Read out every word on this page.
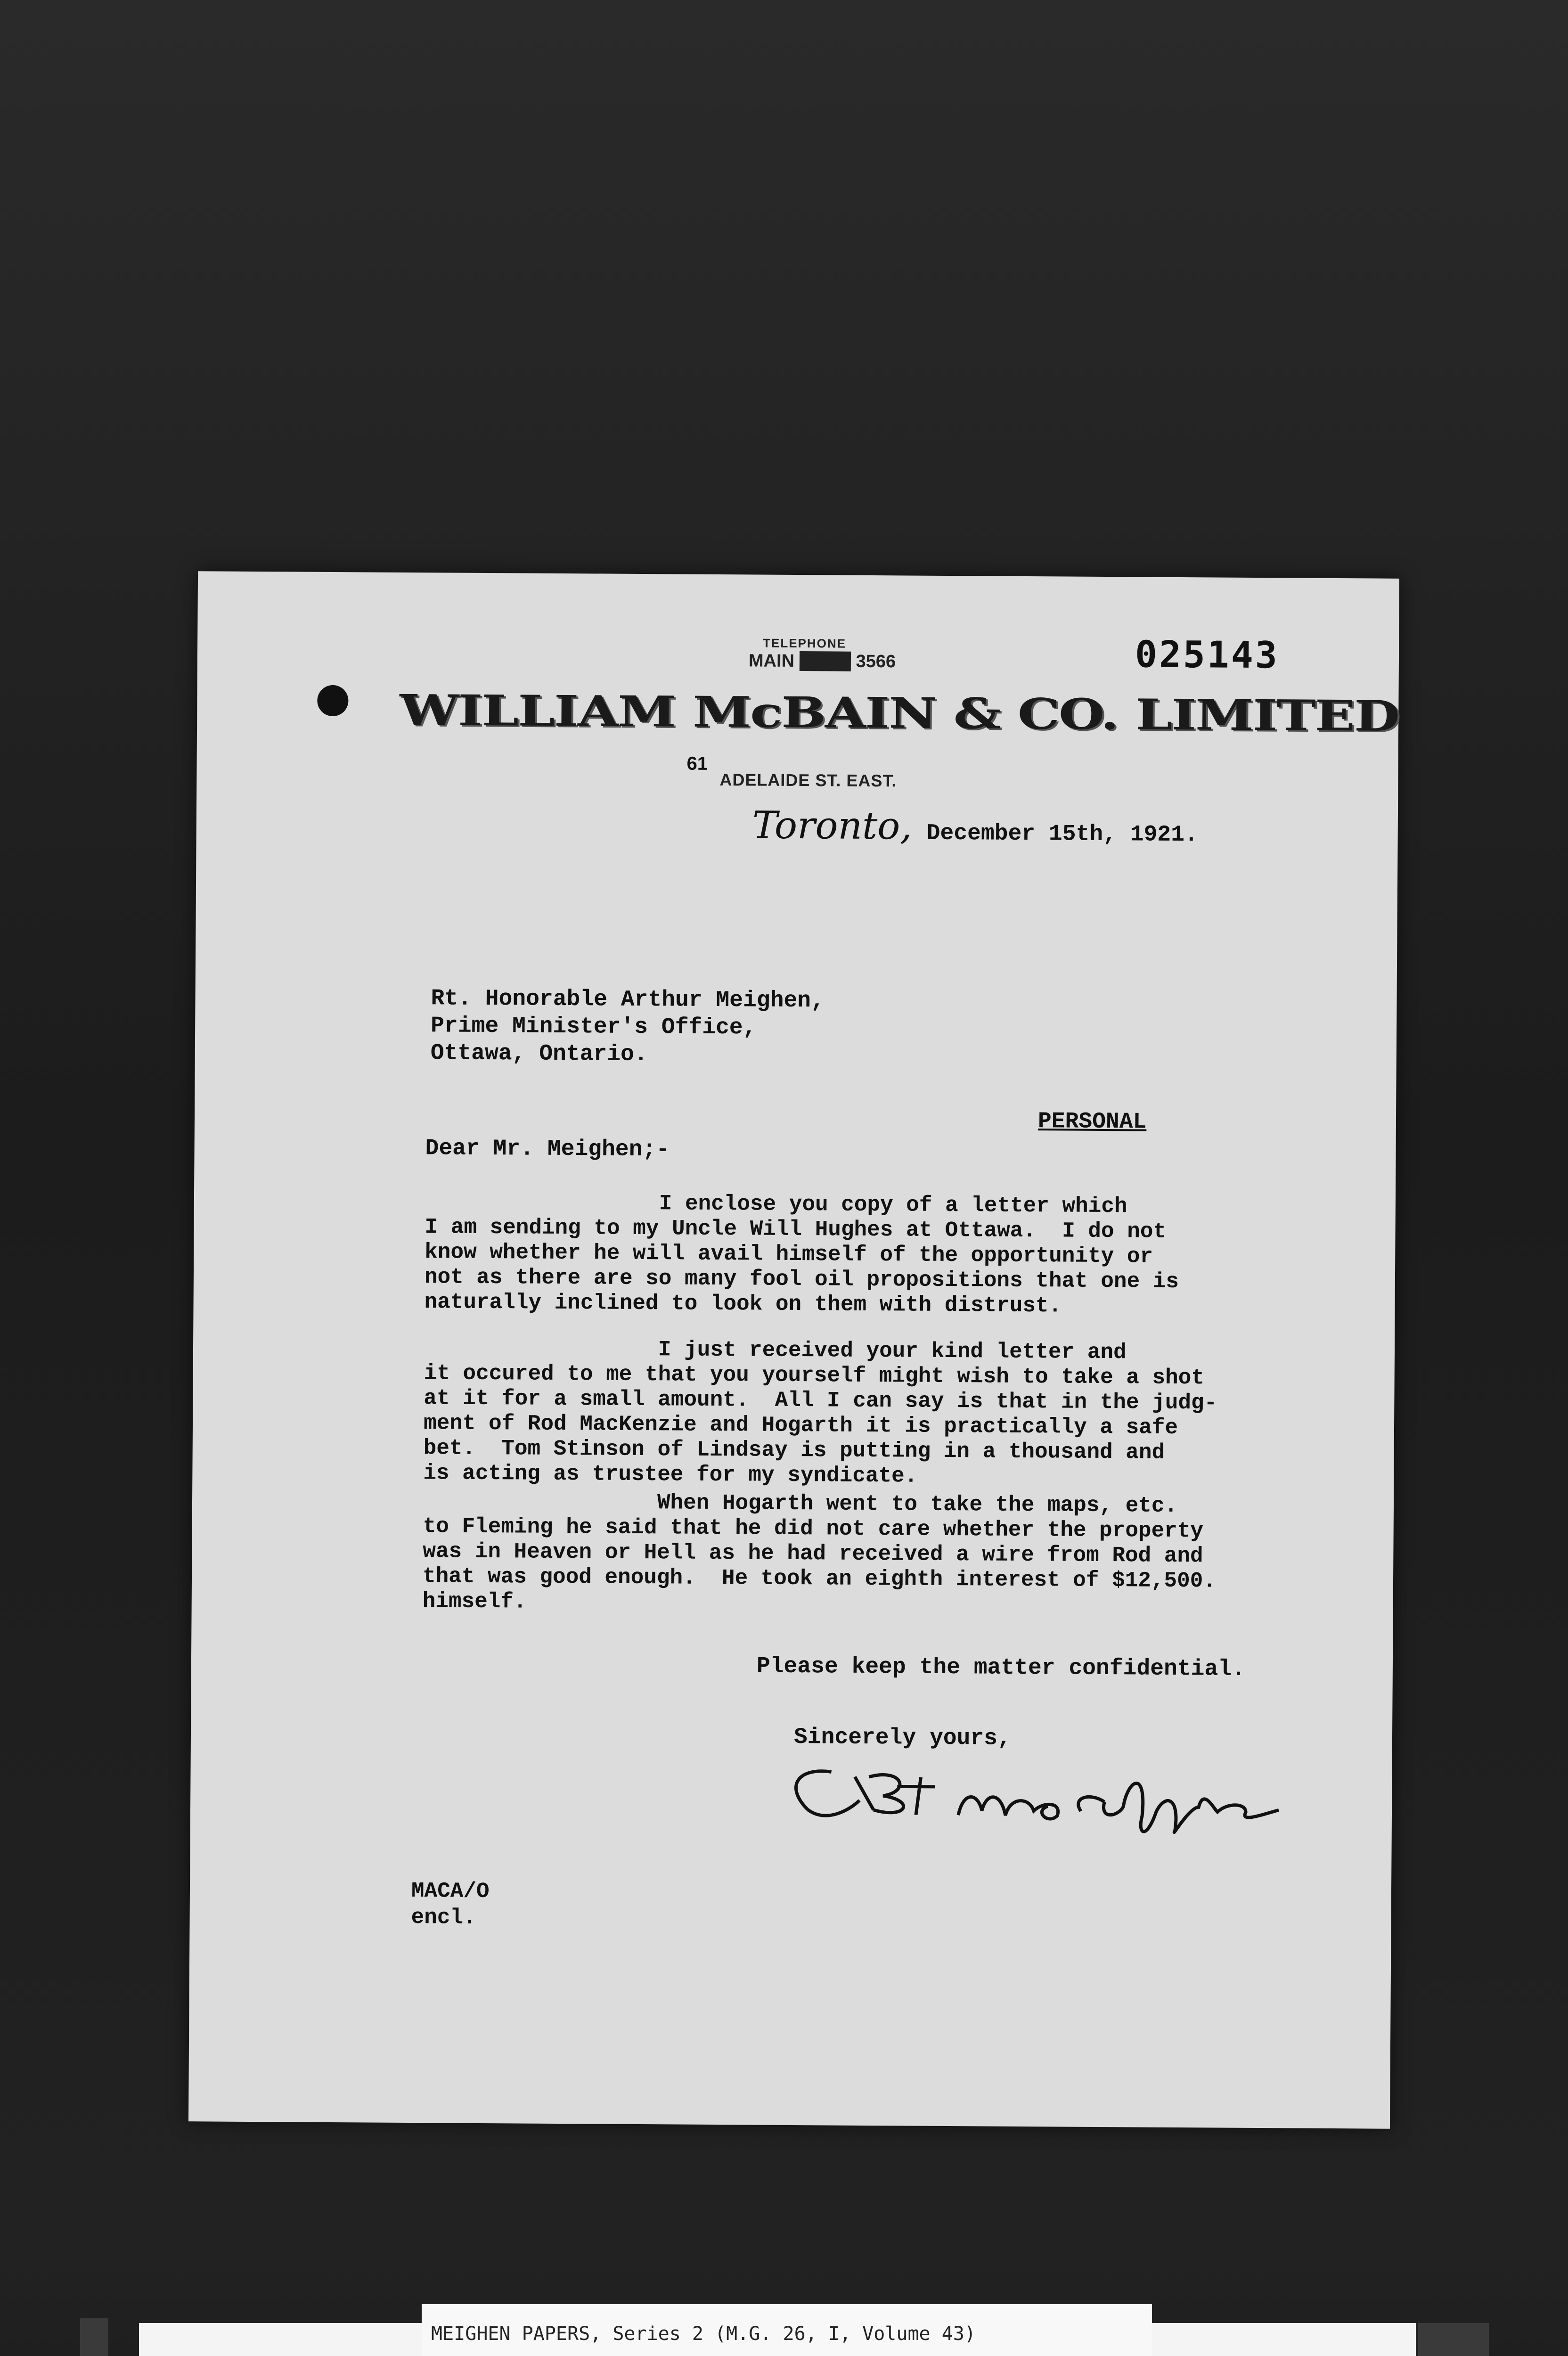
TELEPHONE
MAIN XXXX 3566	025143
WILLIAM McBAIN & CO. LIMITED
61
ADELAIDE ST. EAST.
Toronto, December 15th, 1921.
Rt. Honorable Arthur Meighen,
Prime Minister's Office,
Ottawa, Ontario.
PERSONAL
Dear Mr. Meighen;-
I enclose you copy of a letter which
I am sending to my Uncle Will Hughes at Ottawa.  I do not
know whether he will avail himself of the opportunity or
not as there are so many fool oil propositions that one is
naturally inclined to look on them with distrust.
I just received your kind letter and
it occured to me that you yourself might wish to take a shot
at it for a small amount.  All I can say is that in the judg-
ment of Rod MacKenzie and Hogarth it is practically a safe
bet.  Tom Stinson of Lindsay is putting in a thousand and
is acting as trustee for my syndicate.
When Hogarth went to take the maps, etc.
to Fleming he said that he did not care whether the property
was in Heaven or Hell as he had received a wire from Rod and
that was good enough.  He took an eighth interest of $12,500.
himself.
Please keep the matter confidential.
Sincerely yours,
MACA/O
encl.
MEIGHEN PAPERS, Series 2 (M.G. 26, I, Volume 43)
